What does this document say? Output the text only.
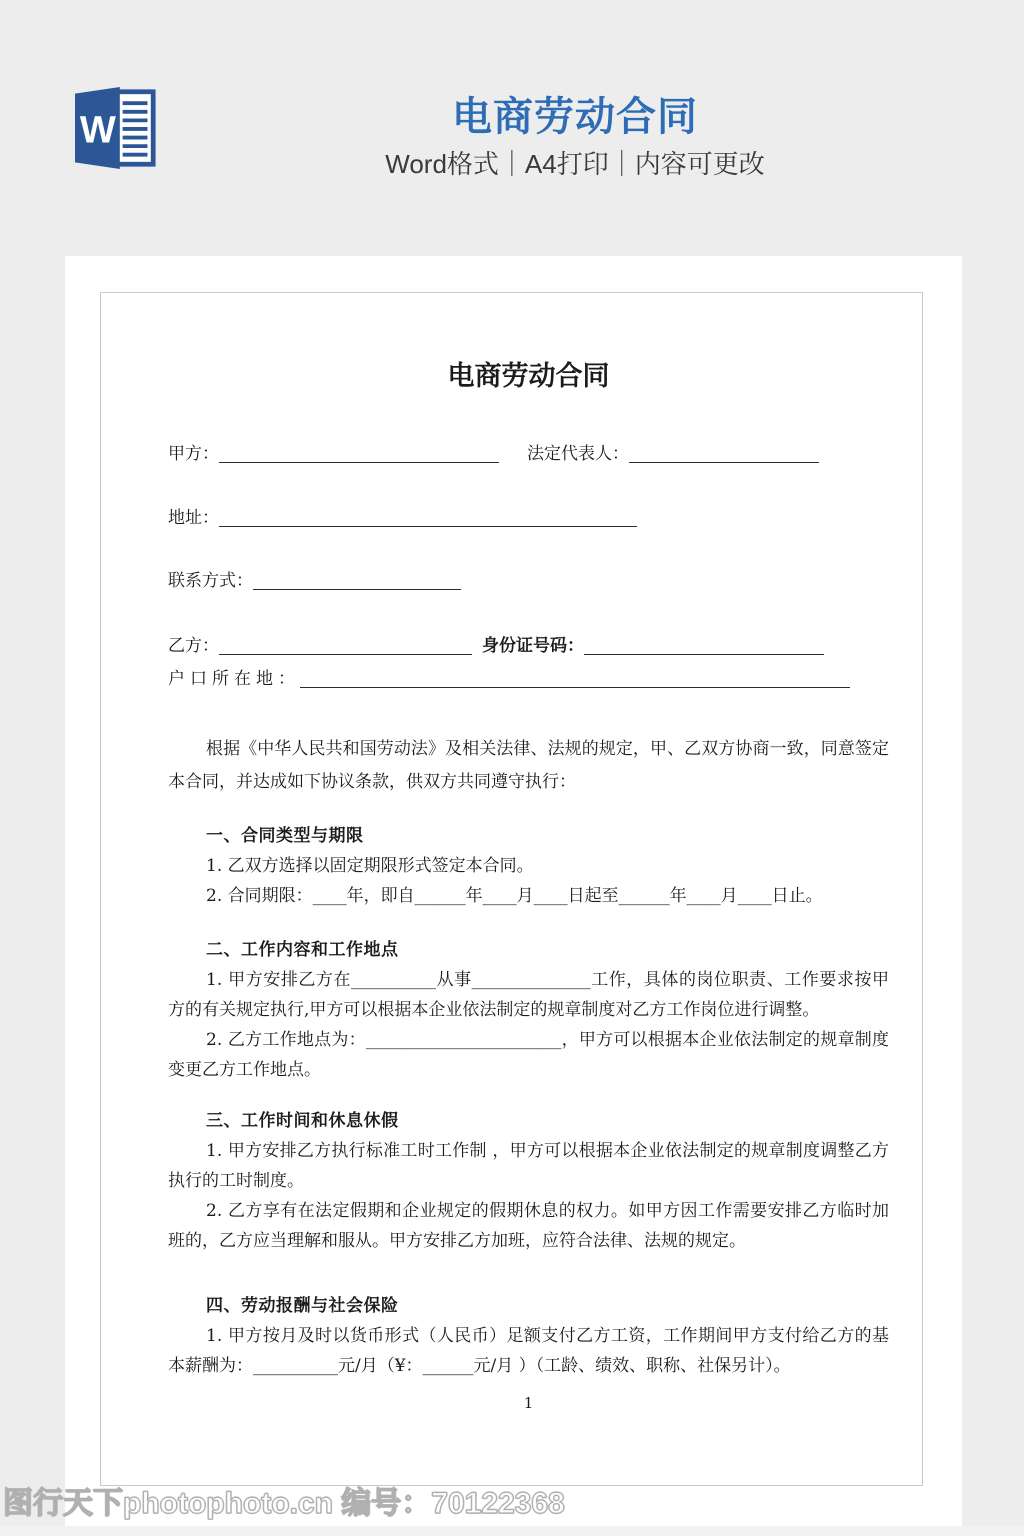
W	电商劳动合同
Word格式｜A4打印｜内容可更改
电商劳动合同

甲方：	法定代表人：

地址：

联系方式：

乙方：	身份证号码：

户口所在地：

根据《中华人民共和国劳动法》及相关法律、法规的规定，甲、乙双方协商一致，同意签定本合同，并达成如下协议条款，供双方共同遵守执行：

一、合同类型与期限

1. 乙双方选择以固定期限形式签定本合同。

2. 合同期限：____年，即自______年____月____日起至______年____月____日止。

二、工作内容和工作地点

1. 甲方安排乙方在__________从事______________工作，具体的岗位职责、工作要求按甲方的有关规定执行,甲方可以根据本企业依法制定的规章制度对乙方工作岗位进行调整。

2. 乙方工作地点为：_______________________，甲方可以根据本企业依法制定的规章制度变更乙方工作地点。

三、工作时间和休息休假

1. 甲方安排乙方执行标准工时工作制 ，甲方可以根据本企业依法制定的规章制度调整乙方执行的工时制度。

2. 乙方享有在法定假期和企业规定的假期休息的权力。如甲方因工作需要安排乙方临时加班的，乙方应当理解和服从。甲方安排乙方加班，应符合法律、法规的规定。

四、劳动报酬与社会保险

1. 甲方按月及时以货币形式（人民币）足额支付乙方工资，工作期间甲方支付给乙方的基本薪酬为：__________元/月（¥：______元/月 ）（工龄、绩效、职称、社保另计）。

1
图行天下photophoto.cn 编号：70122368
